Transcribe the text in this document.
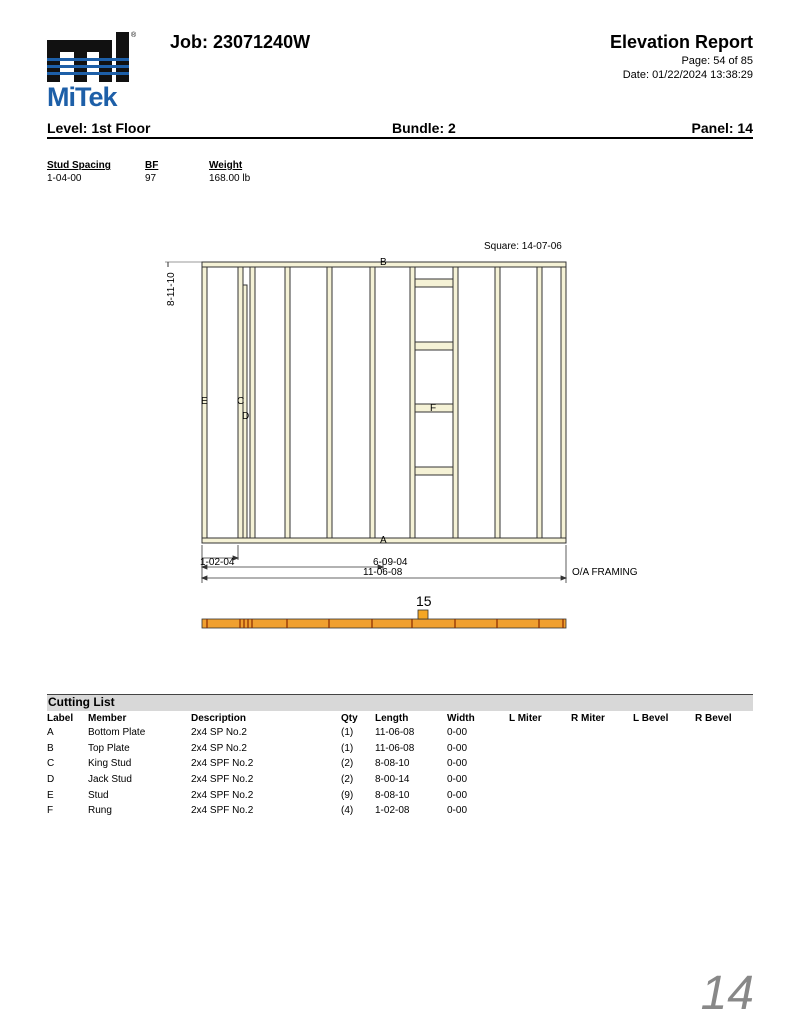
®
MiTek
Job: 23071240W	Elevation Report
Page: 54 of 85
Date: 01/22/2024 13:38:29
Level: 1st Floor	Bundle: 2	Panel: 14
Stud Spacing	BF	Weight
1-04-00	97	168.00 lb
Square: 14-07-06
8-11-10
1-02-04	6-09-04
11-06-08	O/A FRAMING
A
B
C
D
E
F
15
Cutting List
Label	Member	Description	Qty	Length	Width	L Miter	R Miter	L Bevel	R Bevel
A	Bottom Plate	2x4 SP No.2	(1)	11-06-08	0-00				
B	Top Plate	2x4 SP No.2	(1)	11-06-08	0-00				
C	King Stud	2x4 SPF No.2	(2)	8-08-10	0-00				
D	Jack Stud	2x4 SPF No.2	(2)	8-00-14	0-00				
E	Stud	2x4 SPF No.2	(9)	8-08-10	0-00				
F	Rung	2x4 SPF No.2	(4)	1-02-08	0-00				
14
